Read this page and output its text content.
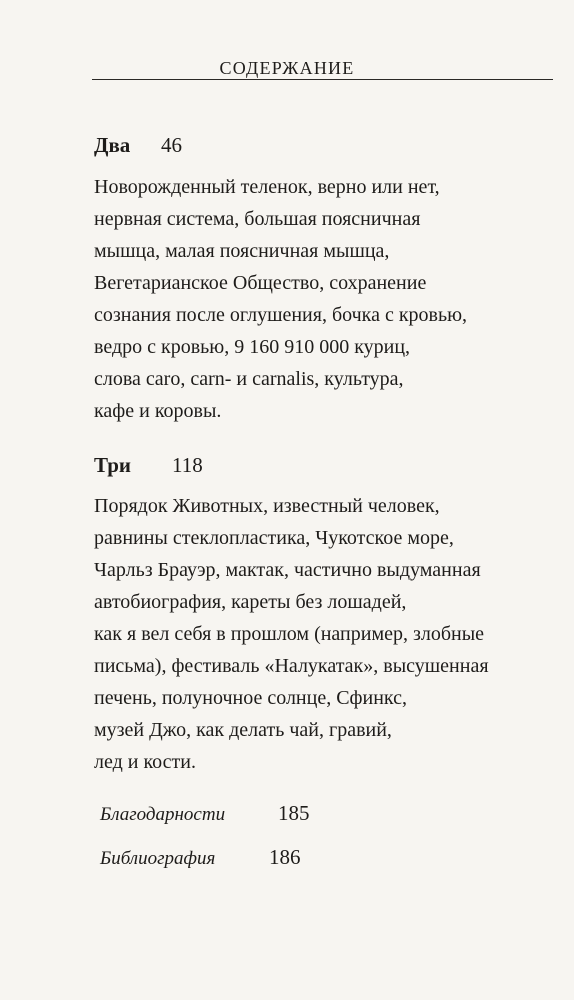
СОДЕРЖАНИЕ
Два 46
Новорожденный теленок, верно или нет,
нервная система, большая поясничная
мышца, малая поясничная мышца,
Вегетарианское Общество, сохранение
сознания после оглушения, бочка с кровью,
ведро с кровью, 9 160 910 000 куриц,
слова caro, carn- и carnalis, культура,
кафе и коровы.
Три 118
Порядок Животных, известный человек,
равнины стеклопластика, Чукотское море,
Чарльз Брауэр, мактак, частично выдуманная
автобиография, кареты без лошадей,
как я вел себя в прошлом (например, злобные
письма), фестиваль «Налукатак», высушенная
печень, полуночное солнце, Сфинкс,
музей Джо, как делать чай, гравий,
лед и кости.
Благодарности	185
Библиография	186
